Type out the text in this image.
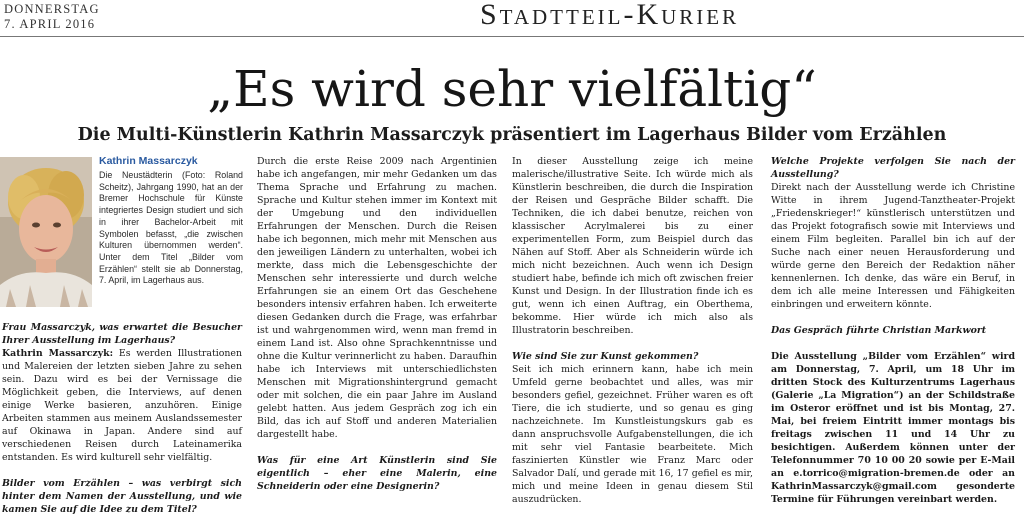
DONNERSTAG
7. APRIL 2016	Stadtteil-Kurier
„Es wird sehr vielfältig“
Die Multi-Künstlerin Kathrin Massarczyk präsentiert im Lagerhaus Bilder vom Erzählen
Kathrin Massarczyk
Die Neustädterin (Foto: Roland Scheitz), Jahrgang 1990, hat an der Bremer Hochschule für Künste integriertes Design studiert und sich in ihrer Bachelor-Arbeit mit Symbolen befasst, „die zwischen Kulturen übernommen werden“. Unter dem Titel „Bilder vom Erzählen“ stellt sie ab Donnerstag, 7. April, im Lagerhaus aus.

Frau Massarczyk, was erwartet die Besucher Ihrer Ausstellung im Lagerhaus?

Kathrin Massarczyk: Es werden Illustrationen und Malereien der letzten sieben Jahre zu sehen sein. Dazu wird es bei der Vernissage die Möglichkeit geben, die Interviews, auf denen einige Werke basieren, anzuhören. Einige Arbeiten stammen aus meinem Auslandssemester auf Okinawa in Japan. Andere sind auf verschiedenen Reisen durch Lateinamerika entstanden. Es wird kulturell sehr vielfältig.

Bilder vom Erzählen – was verbirgt sich hinter dem Namen der Ausstellung, und wie kamen Sie auf die Idee zu dem Titel?

Durch die erste Reise 2009 nach Argentinien habe ich angefangen, mir mehr Gedanken um das Thema Sprache und Erfahrung zu machen. Sprache und Kultur stehen immer im Kontext mit der Umgebung und den individuellen Erfahrungen der Menschen. Durch die Reisen habe ich begonnen, mich mehr mit Menschen aus den jeweiligen Ländern zu unterhalten, wobei ich merkte, dass mich die Lebensgeschichte der Menschen sehr interessierte und durch welche Erfahrungen sie an einem Ort das Geschehene besonders intensiv erfahren haben. Ich erweiterte diesen Gedanken durch die Frage, was erfahrbar ist und wahrgenommen wird, wenn man fremd in einem Land ist. Also ohne Sprachkenntnisse und ohne die Kultur verinnerlicht zu haben. Daraufhin habe ich Interviews mit unterschiedlichsten Menschen mit Migrationshintergrund gemacht oder mit solchen, die ein paar Jahre im Ausland gelebt hatten. Aus jedem Gespräch zog ich ein Bild, das ich auf Stoff und anderen Materialien dargestellt habe.

Was für eine Art Künstlerin sind Sie eigentlich – eher eine Malerin, eine Schneiderin oder eine Designerin?

In dieser Ausstellung zeige ich meine malerische/illustrative Seite. Ich würde mich als Künstlerin beschreiben, die durch die Inspiration der Reisen und Gespräche Bilder schafft. Die Techniken, die ich dabei benutze, reichen von klassischer Acrylmalerei bis zu einer experimentellen Form, zum Beispiel durch das Nähen auf Stoff. Aber als Schneiderin würde ich mich nicht bezeichnen. Auch wenn ich Design studiert habe, befinde ich mich oft zwischen freier Kunst und Design. In der Illustration finde ich es gut, wenn ich einen Auftrag, ein Oberthema, bekomme. Hier würde ich mich also als Illustratorin beschreiben.

Wie sind Sie zur Kunst gekommen?

Seit ich mich erinnern kann, habe ich mein Umfeld gerne beobachtet und alles, was mir besonders gefiel, gezeichnet. Früher waren es oft Tiere, die ich studierte, und so genau es ging nachzeichnete. Im Kunstleistungskurs gab es dann anspruchsvolle Aufgabenstellungen, die ich mit sehr viel Fantasie bearbeitete. Mich faszinierten Künstler wie Franz Marc oder Salvador Dalí, und gerade mit 16, 17 gefiel es mir, mich und meine Ideen in genau diesem Stil auszudrücken.

Welche Projekte verfolgen Sie nach der Ausstellung?

Direkt nach der Ausstellung werde ich Christine Witte in ihrem Jugend-Tanztheater-Projekt „Friedenskrieger!“ künstlerisch unterstützen und das Projekt fotografisch sowie mit Interviews und einem Film begleiten. Parallel bin ich auf der Suche nach einer neuen Herausforderung und würde gerne den Bereich der Redaktion näher kennenlernen. Ich denke, das wäre ein Beruf, in dem ich alle meine Interessen und Fähigkeiten einbringen und erweitern könnte.

Das Gespräch führte Christian Markwort

Die Ausstellung „Bilder vom Erzählen“ wird am Donnerstag, 7. April, um 18 Uhr im dritten Stock des Kulturzentrums Lagerhaus (Galerie „La Migration“) an der Schildstraße im Osteror eröffnet und ist bis Montag, 27. Mai, bei freiem Eintritt immer montags bis freitags zwischen 11 und 14 Uhr zu besichtigen. Außerdem können unter der Telefonnummer 70 10 00 20 sowie per E-Mail an e.torrico@migration-bremen.de oder an KathrinMassarczyk@gmail.com gesonderte Termine für Führungen vereinbart werden.
